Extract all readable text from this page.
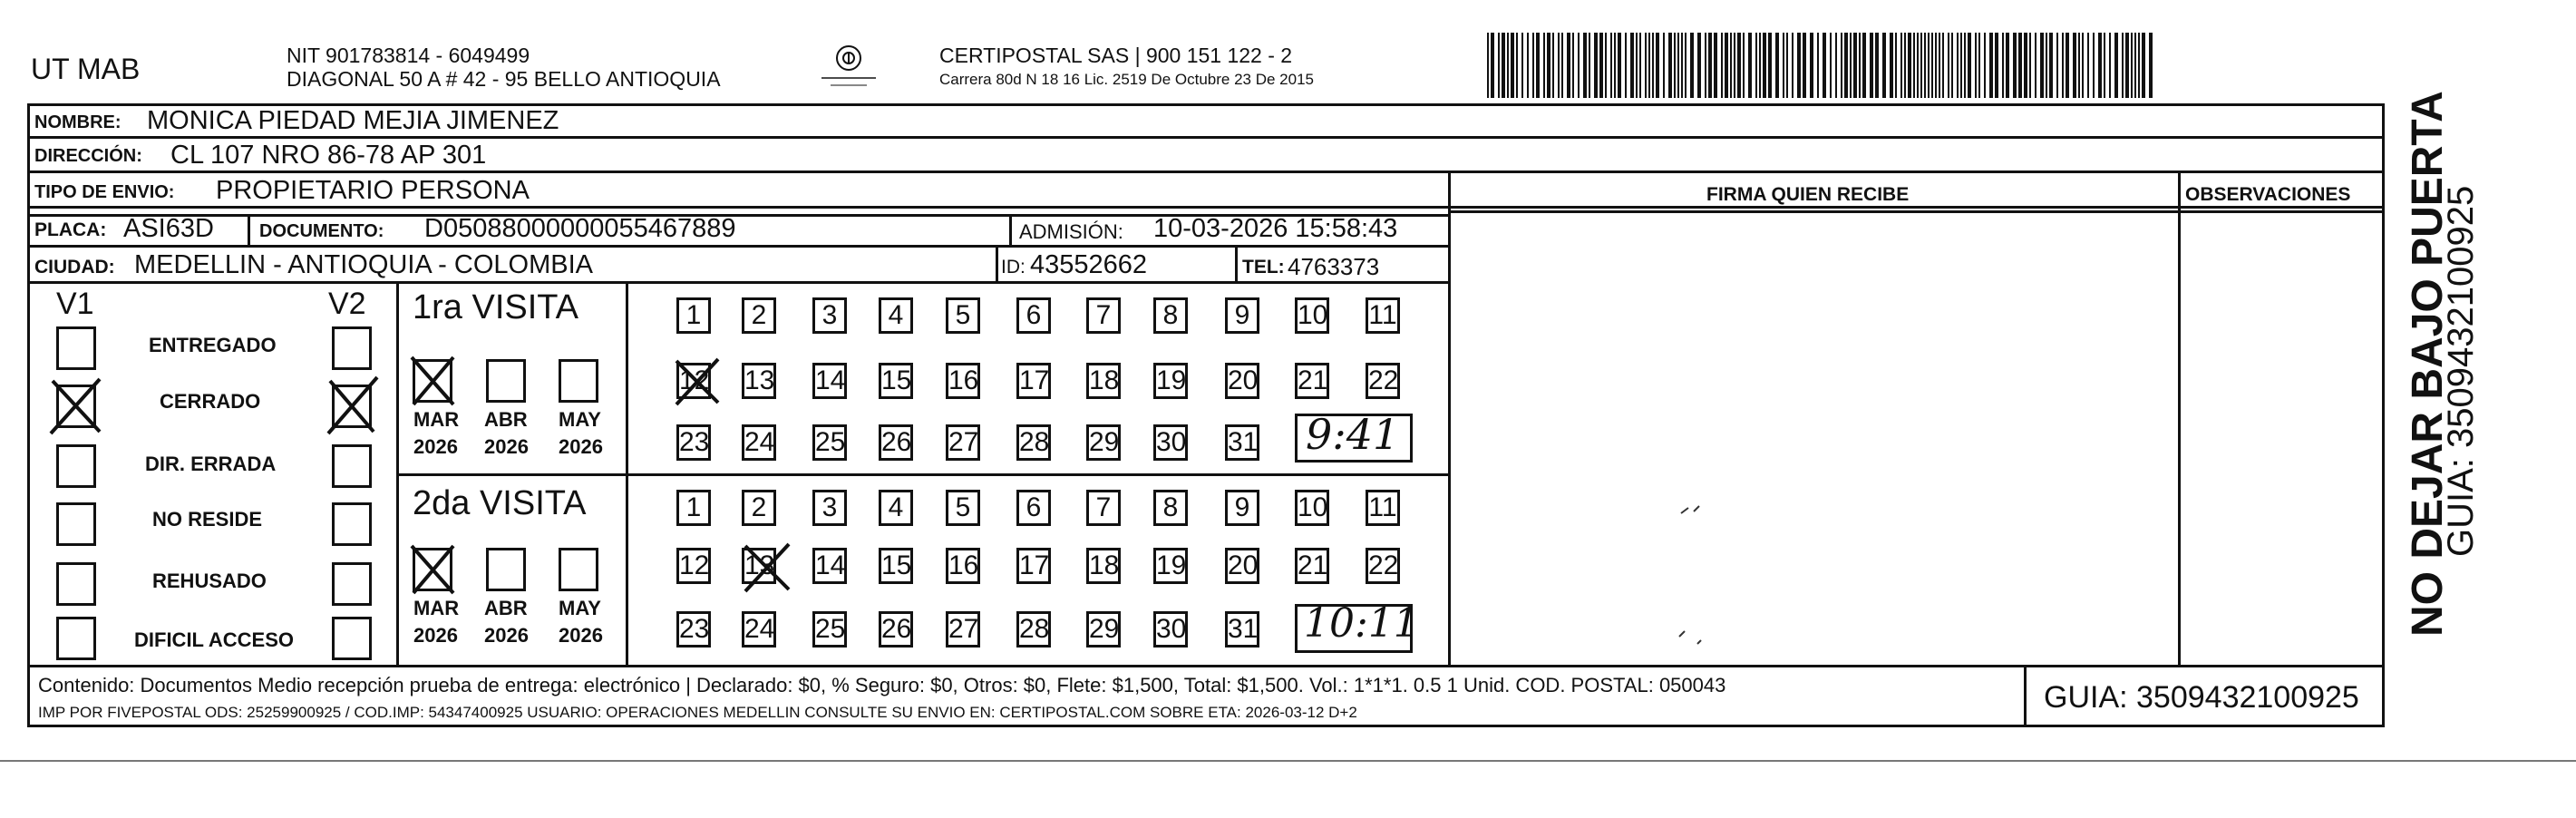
UT MAB	NIT 901783814 - 6049499
DIAGONAL 50 A # 42 - 95 BELLO ANTIOQUIA
CERTIPOSTAL SAS | 900 151 122 - 2
Carrera 80d N 18 16 Lic. 2519 De Octubre 23 De 2015
NOMBRE: MONICA PIEDAD MEJIA JIMENEZ
DIRECCIÓN: CL 107 NRO 86-78 AP 301
TIPO DE ENVIO: PROPIETARIO PERSONA	FIRMA QUIEN RECIBE	OBSERVACIONES
PLACA: ASI63D	DOCUMENTO: D05088000000055467889	ADMISIÓN: 10-03-2026 15:58:43
CIUDAD: MEDELLIN - ANTIOQUIA - COLOMBIA	ID: 43552662	TEL: 4763373
V1	V2
ENTREGADO
CERRADO
DIR. ERRADA
NO RESIDE
REHUSADO
DIFICIL ACCESO
1ra VISITA
MAR ABR MAY
2026 2026 2026
1	2	3	4	5	6	7	8	9	10 11
12 13 14 15 16 17 18 19 20 21 22
23 24 25 26 27 28 29 30 31 9:41
2da VISITA
MAR ABR MAY
2026 2026 2026
1	2	3	4	5	6	7	8	9	10 11
12 13 14 15 16 17 18 19 20 21 22
23 24 25 26 27 28 29 30 31 10:11
Contenido: Documentos Medio recepción prueba de entrega: electrónico | Declarado: $0, % Seguro: $0, Otros: $0, Flete: $1,500, Total: $1,500. Vol.: 1*1*1. 0.5 1 Unid. COD. POSTAL: 050043
IMP POR FIVEPOSTAL ODS: 25259900925 / COD.IMP: 54347400925 USUARIO: OPERACIONES MEDELLIN CONSULTE SU ENVIO EN: CERTIPOSTAL.COM SOBRE ETA: 2026-03-12 D+2	GUIA: 3509432100925
NO DEJAR BAJO PUERTA
GUIA: 3509432100925
